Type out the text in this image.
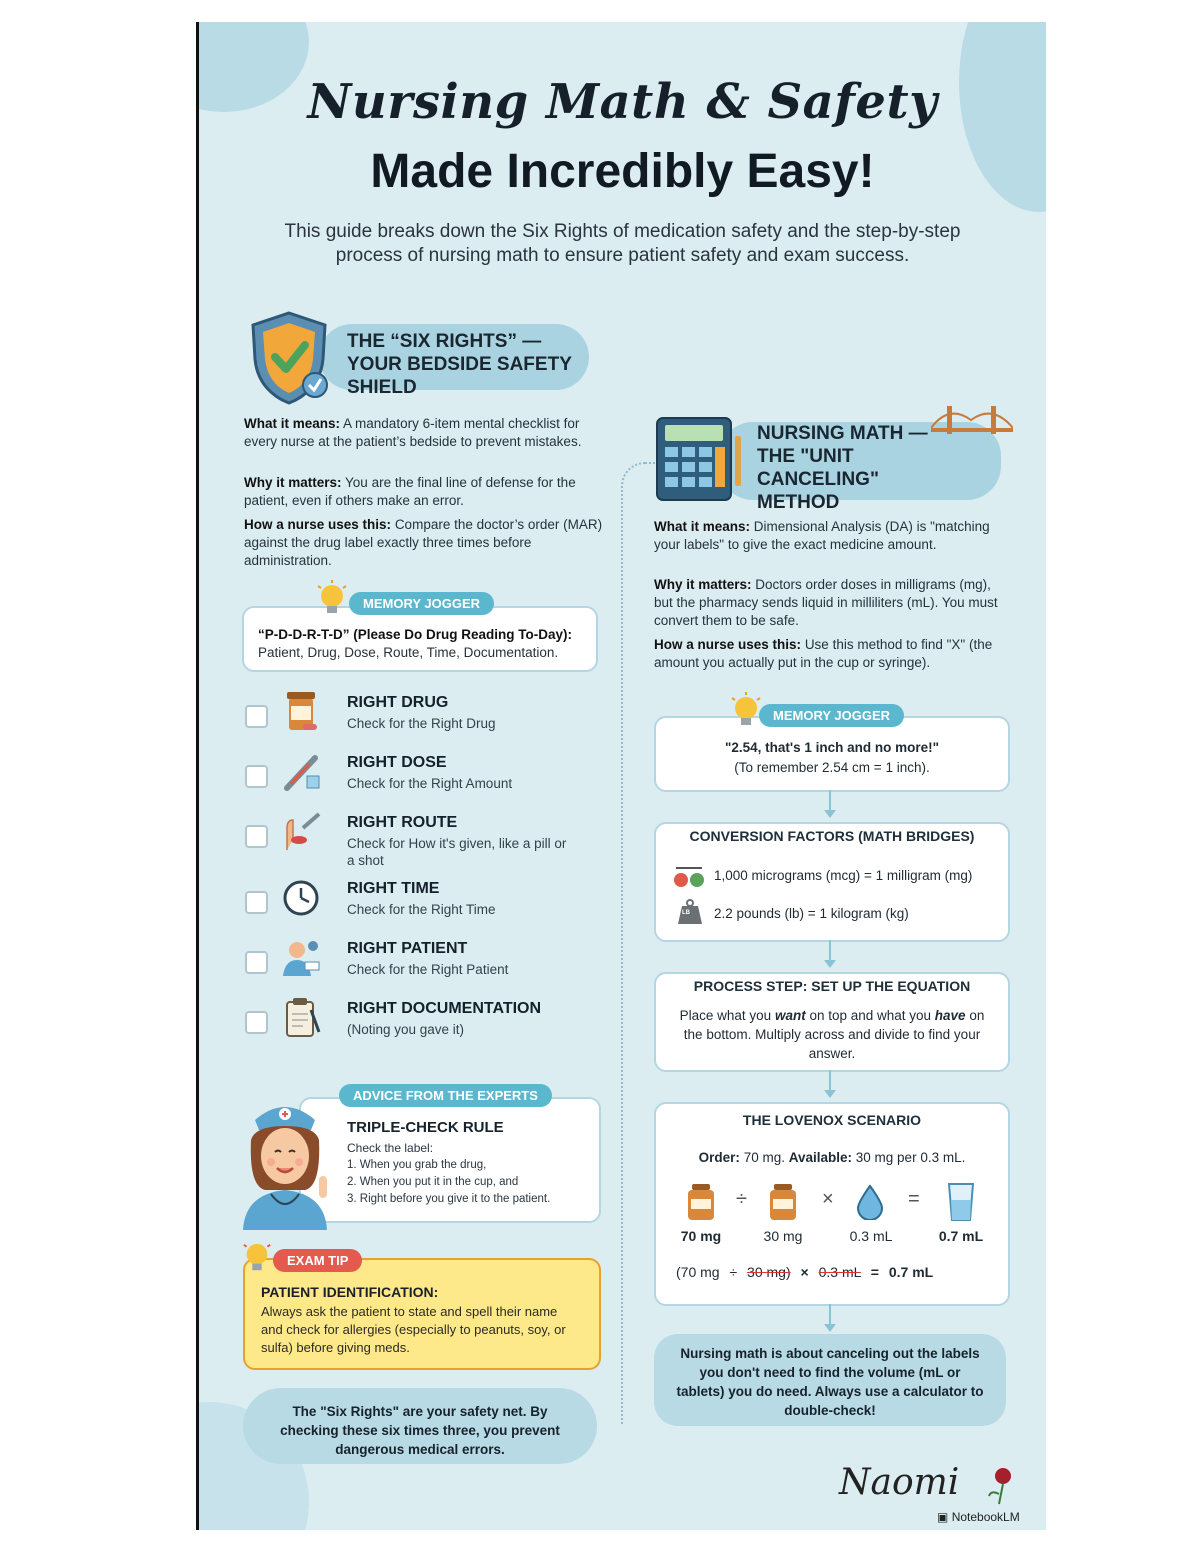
Nursing Math & Safety
Made Incredibly Easy!
This guide breaks down the Six Rights of medication safety and the step-by-step process of nursing math to ensure patient safety and exam success.
THE “SIX RIGHTS” — YOUR BEDSIDE SAFETY SHIELD
What it means: A mandatory 6-item mental checklist for every nurse at the patient’s bedside to prevent mistakes.
Why it matters: You are the final line of defense for the patient, even if others make an error.
How a nurse uses this: Compare the doctor’s order (MAR) against the drug label exactly three times before administration.
“P-D-D-R-T-D” (Please Do Drug Reading To-Day):
Patient, Drug, Dose, Route, Time, Documentation.
MEMORY JOGGER
RIGHT DRUG
Check for the Right Drug
RIGHT DOSE
Check for the Right Amount
RIGHT ROUTE
Check for How it's given, like a pill or a shot
RIGHT TIME
Check for the Right Time
RIGHT PATIENT
Check for the Right Patient
RIGHT DOCUMENTATION
(Noting you gave it)
TRIPLE-CHECK RULE
Check the label:
1. When you grab the drug,
2. When you put it in the cup, and
3. Right before you give it to the patient.
ADVICE FROM THE EXPERTS
PATIENT IDENTIFICATION:
Always ask the patient to state and spell their name and check for allergies (especially to peanuts, soy, or sulfa) before giving meds.
EXAM TIP
The "Six Rights" are your safety net. By checking these six times three, you prevent dangerous medical errors.
NURSING MATH — THE "UNIT CANCELING" METHOD
What it means: Dimensional Analysis (DA) is "matching your labels" to give the exact medicine amount.
Why it matters: Doctors order doses in milligrams (mg), but the pharmacy sends liquid in milliliters (mL). You must convert them to be safe.
How a nurse uses this: Use this method to find "X" (the amount you actually put in the cup or syringe).
"2.54, that's 1 inch and no more!"
(To remember 2.54 cm = 1 inch).
MEMORY JOGGER
CONVERSION FACTORS (MATH BRIDGES)
1,000 micrograms (mcg) = 1 milligram (mg)
LB 2.2 pounds (lb) = 1 kilogram (kg)
PROCESS STEP: SET UP THE EQUATION
Place what you want on top and what you have on the bottom. Multiply across and divide to find your answer.
THE LOVENOX SCENARIO
Order: 70 mg. Available: 30 mg per 0.3 mL.
÷	×	=
70 mg	30 mg	0.3 mL	0.7 mL
(70 mg ÷ 30 mg) × 0.3 mL = 0.7 mL
Nursing math is about canceling out the labels you don't need to find the volume (mL or tablets) you do need. Always use a calculator to double-check!
Naomi
▣ NotebookLM
